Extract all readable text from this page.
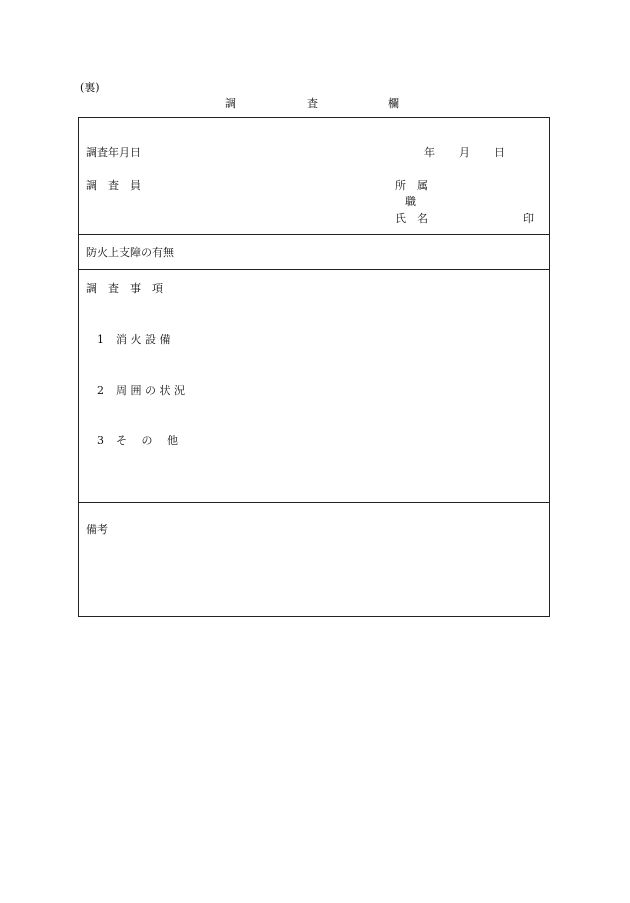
(裏)
調	査	欄
調査年月日	年 月 日
調　査　員	所　属
職
氏　名	印
防火上支障の有無
調　査　事　項
1 消 火 設 備
2 周 囲 の 状 況
3 そ　 の　 他
備考
